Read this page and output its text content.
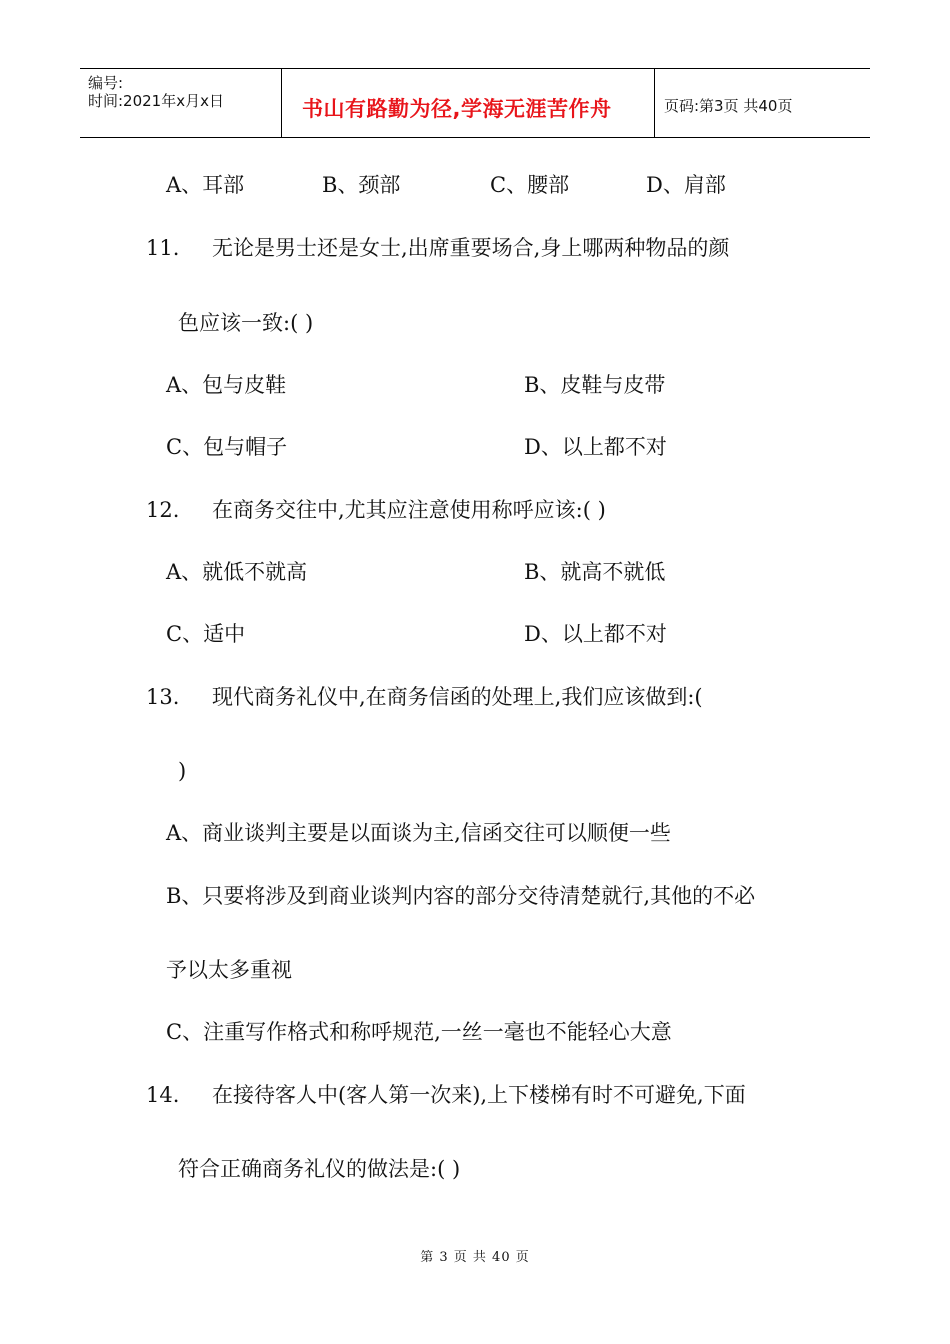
编号:
时间:2021年x月x日	书山有路勤为径,学海无涯苦作舟	页码:第3页 共40页
A、耳部	B、颈部	C、腰部	D、肩部
11. 无论是男士还是女士,出席重要场合,身上哪两种物品的颜
色应该一致:( )
A、包与皮鞋	B、皮鞋与皮带
C、包与帽子	D、以上都不对
12. 在商务交往中,尤其应注意使用称呼应该:( )
A、就低不就高	B、就高不就低
C、适中	D、以上都不对
13. 现代商务礼仪中,在商务信函的处理上,我们应该做到:(
)
A、商业谈判主要是以面谈为主,信函交往可以顺便一些
B、只要将涉及到商业谈判内容的部分交待清楚就行,其他的不必
予以太多重视
C、注重写作格式和称呼规范,一丝一毫也不能轻心大意
14. 在接待客人中(客人第一次来),上下楼梯有时不可避免,下面
符合正确商务礼仪的做法是:( )
第 3 页 共 40 页
